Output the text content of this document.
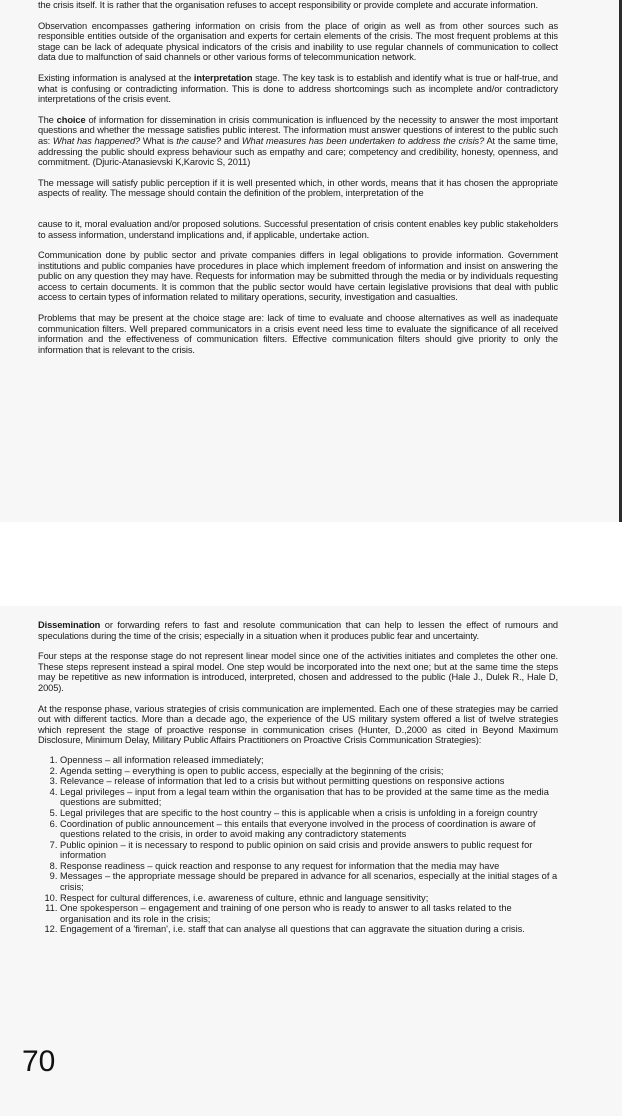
the crisis itself. It is rather that the organisation refuses to accept responsibility or provide complete and accurate information.

Observation encompasses gathering information on crisis from the place of origin as well as from other sources such as responsible entities outside of the organisation and experts for certain elements of the crisis. The most frequent problems at this stage can be lack of adequate physical indicators of the crisis and inability to use regular channels of communication to collect data due to malfunction of said channels or other various forms of telecommunication network.

Existing information is analysed at the interpretation stage. The key task is to establish and identify what is true or half-true, and what is confusing or contradicting information. This is done to address shortcomings such as incomplete and/or contradictory interpretations of the crisis event.

The choice of information for dissemination in crisis communication is influenced by the necessity to answer the most important questions and whether the message satisfies public interest. The information must answer questions of interest to the public such as: What has happened? What is the cause? and What measures has been undertaken to address the crisis? At the same time, addressing the public should express behaviour such as empathy and care; competency and credibility, honesty, openness, and commitment. (Djuric-Atanasievski K,Karovic S, 2011)

The message will satisfy public perception if it is well presented which, in other words, means that it has chosen the appropriate aspects of reality. The message should contain the definition of the problem, interpretation of the

cause to it, moral evaluation and/or proposed solutions. Successful presentation of crisis content enables key public stakeholders to assess information, understand implications and, if applicable, undertake action.

Communication done by public sector and private companies differs in legal obligations to provide information. Government institutions and public companies have procedures in place which implement freedom of information and insist on answering the public on any question they may have. Requests for information may be submitted through the media or by individuals requesting access to certain documents. It is common that the public sector would have certain legislative provisions that deal with public access to certain types of information related to military operations, security, investigation and casualties.

Problems that may be present at the choice stage are: lack of time to evaluate and choose alternatives as well as inadequate communication filters. Well prepared communicators in a crisis event need less time to evaluate the significance of all received information and the effectiveness of communication filters. Effective communication filters should give priority to only the information that is relevant to the crisis.

Dissemination or forwarding refers to fast and resolute communication that can help to lessen the effect of rumours and speculations during the time of the crisis; especially in a situation when it produces public fear and uncertainty.

Four steps at the response stage do not represent linear model since one of the activities initiates and completes the other one. These steps represent instead a spiral model. One step would be incorporated into the next one; but at the same time the steps may be repetitive as new information is introduced, interpreted, chosen and addressed to the public (Hale J., Dulek R., Hale D, 2005).

At the response phase, various strategies of crisis communication are implemented. Each one of these strategies may be carried out with different tactics. More than a decade ago, the experience of the US military system offered a list of twelve strategies which represent the stage of proactive response in communication crises (Hunter, D.,2000 as cited in Beyond Maximum Disclosure, Minimum Delay, Military Public Affairs Practitioners on Proactive Crisis Communication Strategies):

1. Openness – all information released immediately;
2. Agenda setting – everything is open to public access, especially at the beginning of the crisis;
3. Relevance – release of information that led to a crisis but without permitting questions on responsive actions
4. Legal privileges – input from a legal team within the organisation that has to be provided at the same time as the media questions are submitted;
5. Legal privileges that are specific to the host country – this is applicable when a crisis is unfolding in a foreign country
6. Coordination of public announcement – this entails that everyone involved in the process of coordination is aware of questions related to the crisis, in order to avoid making any contradictory statements
7. Public opinion – it is necessary to respond to public opinion on said crisis and provide answers to public request for information
8. Response readiness – quick reaction and response to any request for information that the media may have
9. Messages – the appropriate message should be prepared in advance for all scenarios, especially at the initial stages of a crisis;
10. Respect for cultural differences, i.e. awareness of culture, ethnic and language sensitivity;
11. One spokesperson – engagement and training of one person who is ready to answer to all tasks related to the organisation and its role in the crisis;
12. Engagement of a 'fireman', i.e. staff that can analyse all questions that can aggravate the situation during a crisis.
70
